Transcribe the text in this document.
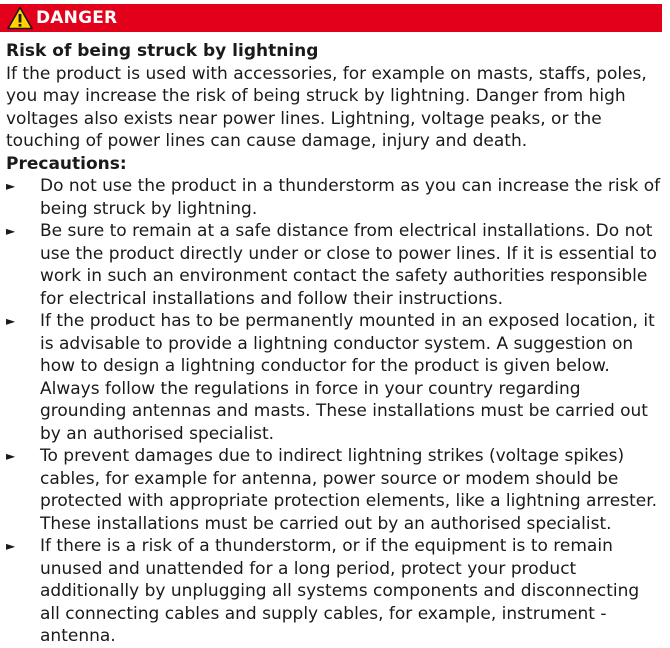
DANGER

Risk of being struck by lightning

If the product is used with accessories, for example on masts, staffs, poles, you may increase the risk of being struck by lightning. Danger from high voltages also exists near power lines. Lightning, voltage peaks, or the touching of power lines can cause damage, injury and death.

Precautions:

► Do not use the product in a thunderstorm as you can increase the risk of being struck by lightning.
► Be sure to remain at a safe distance from electrical installations. Do not use the product directly under or close to power lines. If it is essential to work in such an environment contact the safety authorities responsible for electrical installations and follow their instructions.
► If the product has to be permanently mounted in an exposed location, it is advisable to provide a lightning conductor system. A suggestion on how to design a lightning conductor for the product is given below. Always follow the regulations in force in your country regarding grounding antennas and masts. These installations must be carried out by an authorised specialist.
► To prevent damages due to indirect lightning strikes (voltage spikes) cables, for example for antenna, power source or modem should be protected with appropriate protection elements, like a lightning arrester. These installations must be carried out by an authorised specialist.
► If there is a risk of a thunderstorm, or if the equipment is to remain unused and unattended for a long period, protect your product additionally by unplugging all systems components and disconnecting all connecting cables and supply cables, for example, instrument - antenna.
